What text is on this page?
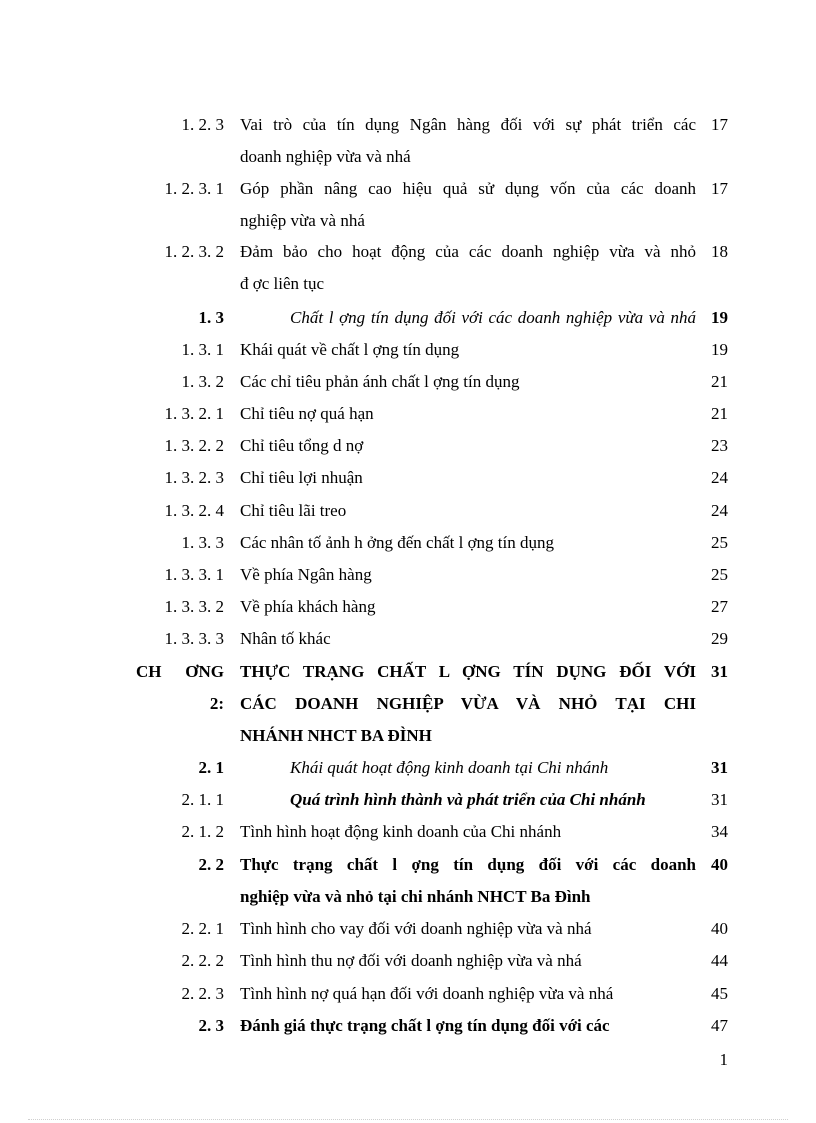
1. 2. 3 Vai trò của tín dụng Ngân hàng đối với sự phát triển các 17
doanh nghiệp vừa và nhá
1. 2. 3. 1 Góp phần nâng cao hiệu quả sử dụng vốn của các doanh 17
nghiệp vừa và nhá
1. 2. 3. 2 Đảm bảo cho hoạt động của các doanh nghiệp vừa và nhỏ 18
đ ợc liên tục
1. 3	Chất l ợng tín dụng đối với các doanh nghiệp vừa và nhá 19
1. 3. 1 Khái quát về chất l ợng tín dụng	19
1. 3. 2 Các chỉ tiêu phản ánh chất l ợng tín dụng	21
1. 3. 2. 1 Chỉ tiêu nợ quá hạn	21
1. 3. 2. 2 Chỉ tiêu tổng d nợ	23
1. 3. 2. 3 Chỉ tiêu lợi nhuận	24
1. 3. 2. 4 Chỉ tiêu lãi treo	24
1. 3. 3 Các nhân tố ảnh h ởng đến chất l ợng tín dụng	25
1. 3. 3. 1 Về phía Ngân hàng	25
1. 3. 3. 2 Về phía khách hàng	27
1. 3. 3. 3 Nhân tố khác	29
CH ƠNG THỰC TRẠNG CHẤT L ỢNG TÍN DỤNG ĐỐI VỚI 31
2: CÁC DOANH NGHIỆP VỪA VÀ NHỎ TẠI CHI
NHÁNH NHCT BA ĐÌNH
2. 1	Khái quát hoạt động kinh doanh tại Chi nhánh	31
2. 1. 1	Quá trình hình thành và phát triển của Chi nhánh	31
2. 1. 2 Tình hình hoạt động kinh doanh của Chi nhánh	34
2. 2 Thực trạng chất l ợng tín dụng đối với các doanh 40
nghiệp vừa và nhỏ tại chi nhánh NHCT Ba Đình
2. 2. 1 Tình hình cho vay đối với doanh nghiệp vừa và nhá	40
2. 2. 2 Tình hình thu nợ đối với doanh nghiệp vừa và nhá	44
2. 2. 3 Tình hình nợ quá hạn đối với doanh nghiệp vừa và nhá	45
2. 3 Đánh giá thực trạng chất l ợng tín dụng đối với các	47
1
